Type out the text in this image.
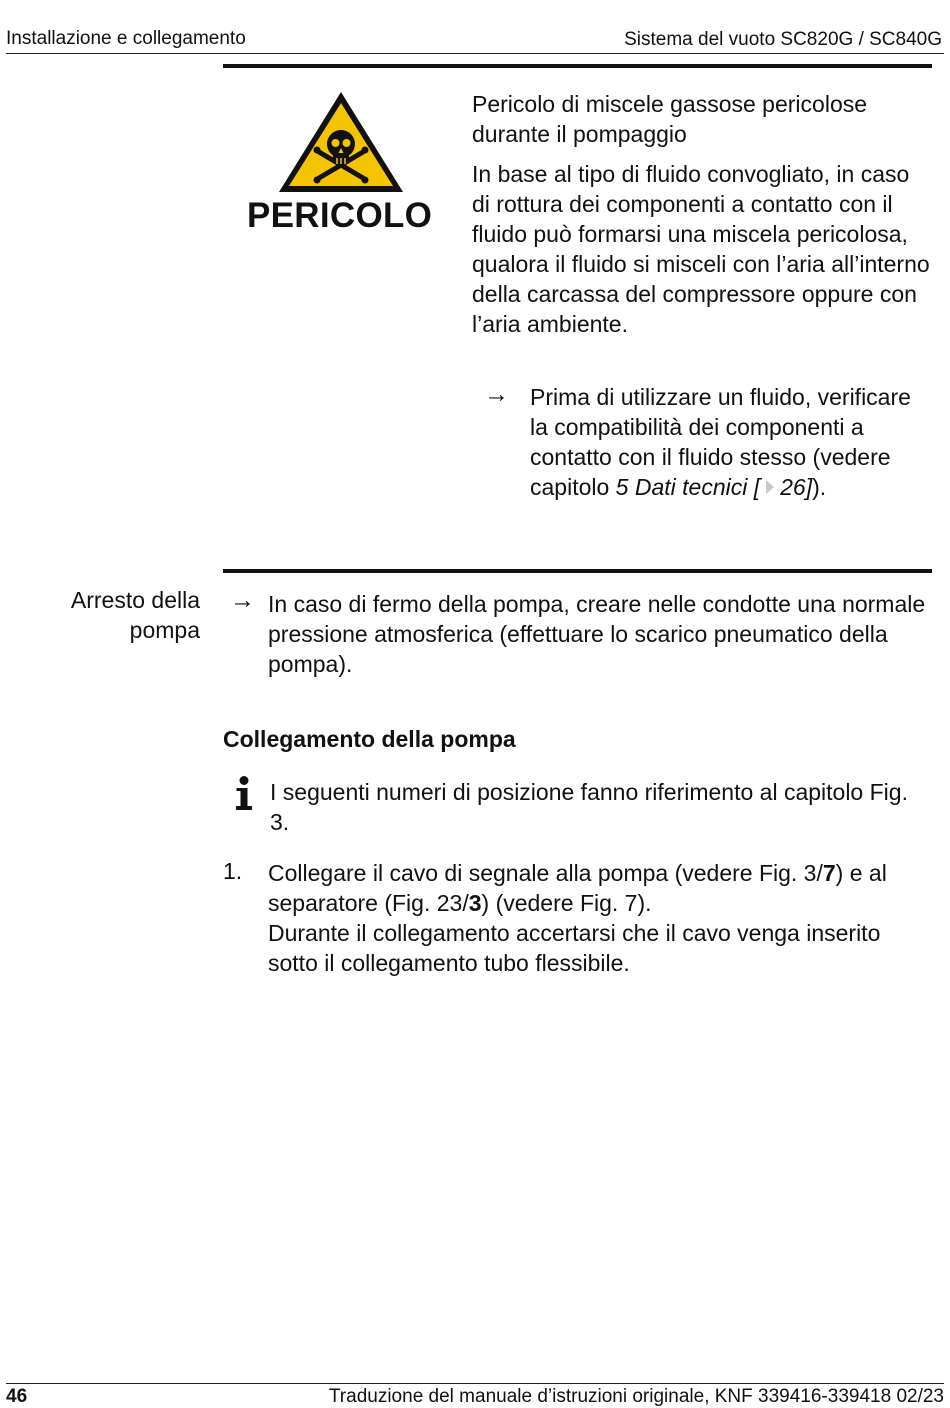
Installazione e collegamento	Sistema del vuoto SC820G / SC840G
PERICOLO
Pericolo di miscele gassose pericolose durante il pompaggio
In base al tipo di fluido convogliato, in caso di rottura dei componenti a contatto con il fluido può formarsi una miscela pericolosa, qualora il fluido si misceli con l’aria all’interno della carcassa del compressore oppure con l’aria ambiente.
→ Prima di utilizzare un fluido, verificare la compatibilità dei componenti a contatto con il fluido stesso (vedere capitolo 5 Dati tecnici [ 26]).
Arresto della pompa
→ In caso di fermo della pompa, creare nelle condotte una normale pressione atmosferica (effettuare lo scarico pneumatico della pompa).
Collegamento della pompa
I seguenti numeri di posizione fanno riferimento al capitolo Fig. 3.
1. Collegare il cavo di segnale alla pompa (vedere Fig. 3/7) e al separatore (Fig. 23/3) (vedere Fig. 7).
Durante il collegamento accertarsi che il cavo venga inserito sotto il collegamento tubo flessibile.
46	Traduzione del manuale d’istruzioni originale, KNF 339416-339418 02/23
